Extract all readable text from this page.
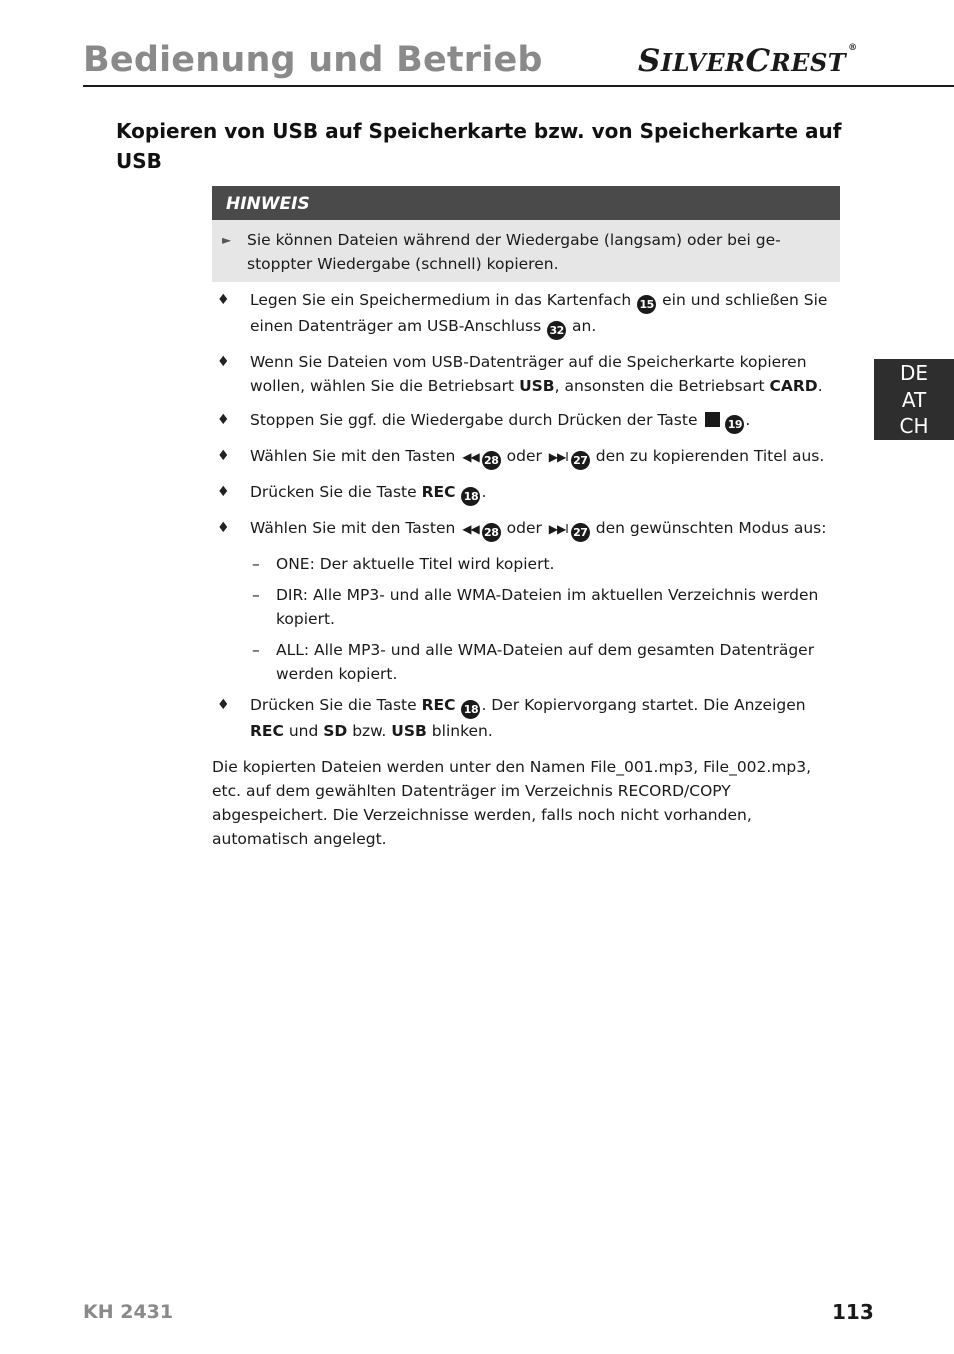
Bedienung und Betrieb	SILVERCREST ®
Kopieren von USB auf Speicherkarte bzw. von Speicherkarte auf USB
HINWEIS
► Sie können Dateien während der Wiedergabe (langsam) oder bei gestoppter Wiedergabe (schnell) kopieren.
♦ Legen Sie ein Speichermedium in das Kartenfach 15 ein und schließen Sie einen Datenträger am USB-Anschluss 32 an.
♦ Wenn Sie Dateien vom USB-Datenträger auf die Speicherkarte kopieren wollen, wählen Sie die Betriebsart USB, ansonsten die Betriebsart CARD.
♦ Stoppen Sie ggf. die Wiedergabe durch Drücken der Taste 19 .
♦ Wählen Sie mit den Tasten ◀◀ 28 oder ▶▶I 27 den zu kopierenden Titel aus.
♦ Drücken Sie die Taste REC 18 .
♦ Wählen Sie mit den Tasten ◀◀ 28 oder ▶▶I 27 den gewünschten Modus aus:
– ONE: Der aktuelle Titel wird kopiert.
– DIR: Alle MP3- und alle WMA-Dateien im aktuellen Verzeichnis werden kopiert.
– ALL: Alle MP3- und alle WMA-Dateien auf dem gesamten Datenträger werden kopiert.
♦ Drücken Sie die Taste REC 18 . Der Kopiervorgang startet. Die Anzeigen REC und SD bzw. USB blinken.

Die kopierten Dateien werden unter den Namen File_001.mp3, File_002.mp3, etc. auf dem gewählten Datenträger im Verzeichnis RECORD/COPY abgespeichert. Die Verzeichnisse werden, falls noch nicht vorhanden, automatisch angelegt.

DE
AT
CH
KH 2431	113
